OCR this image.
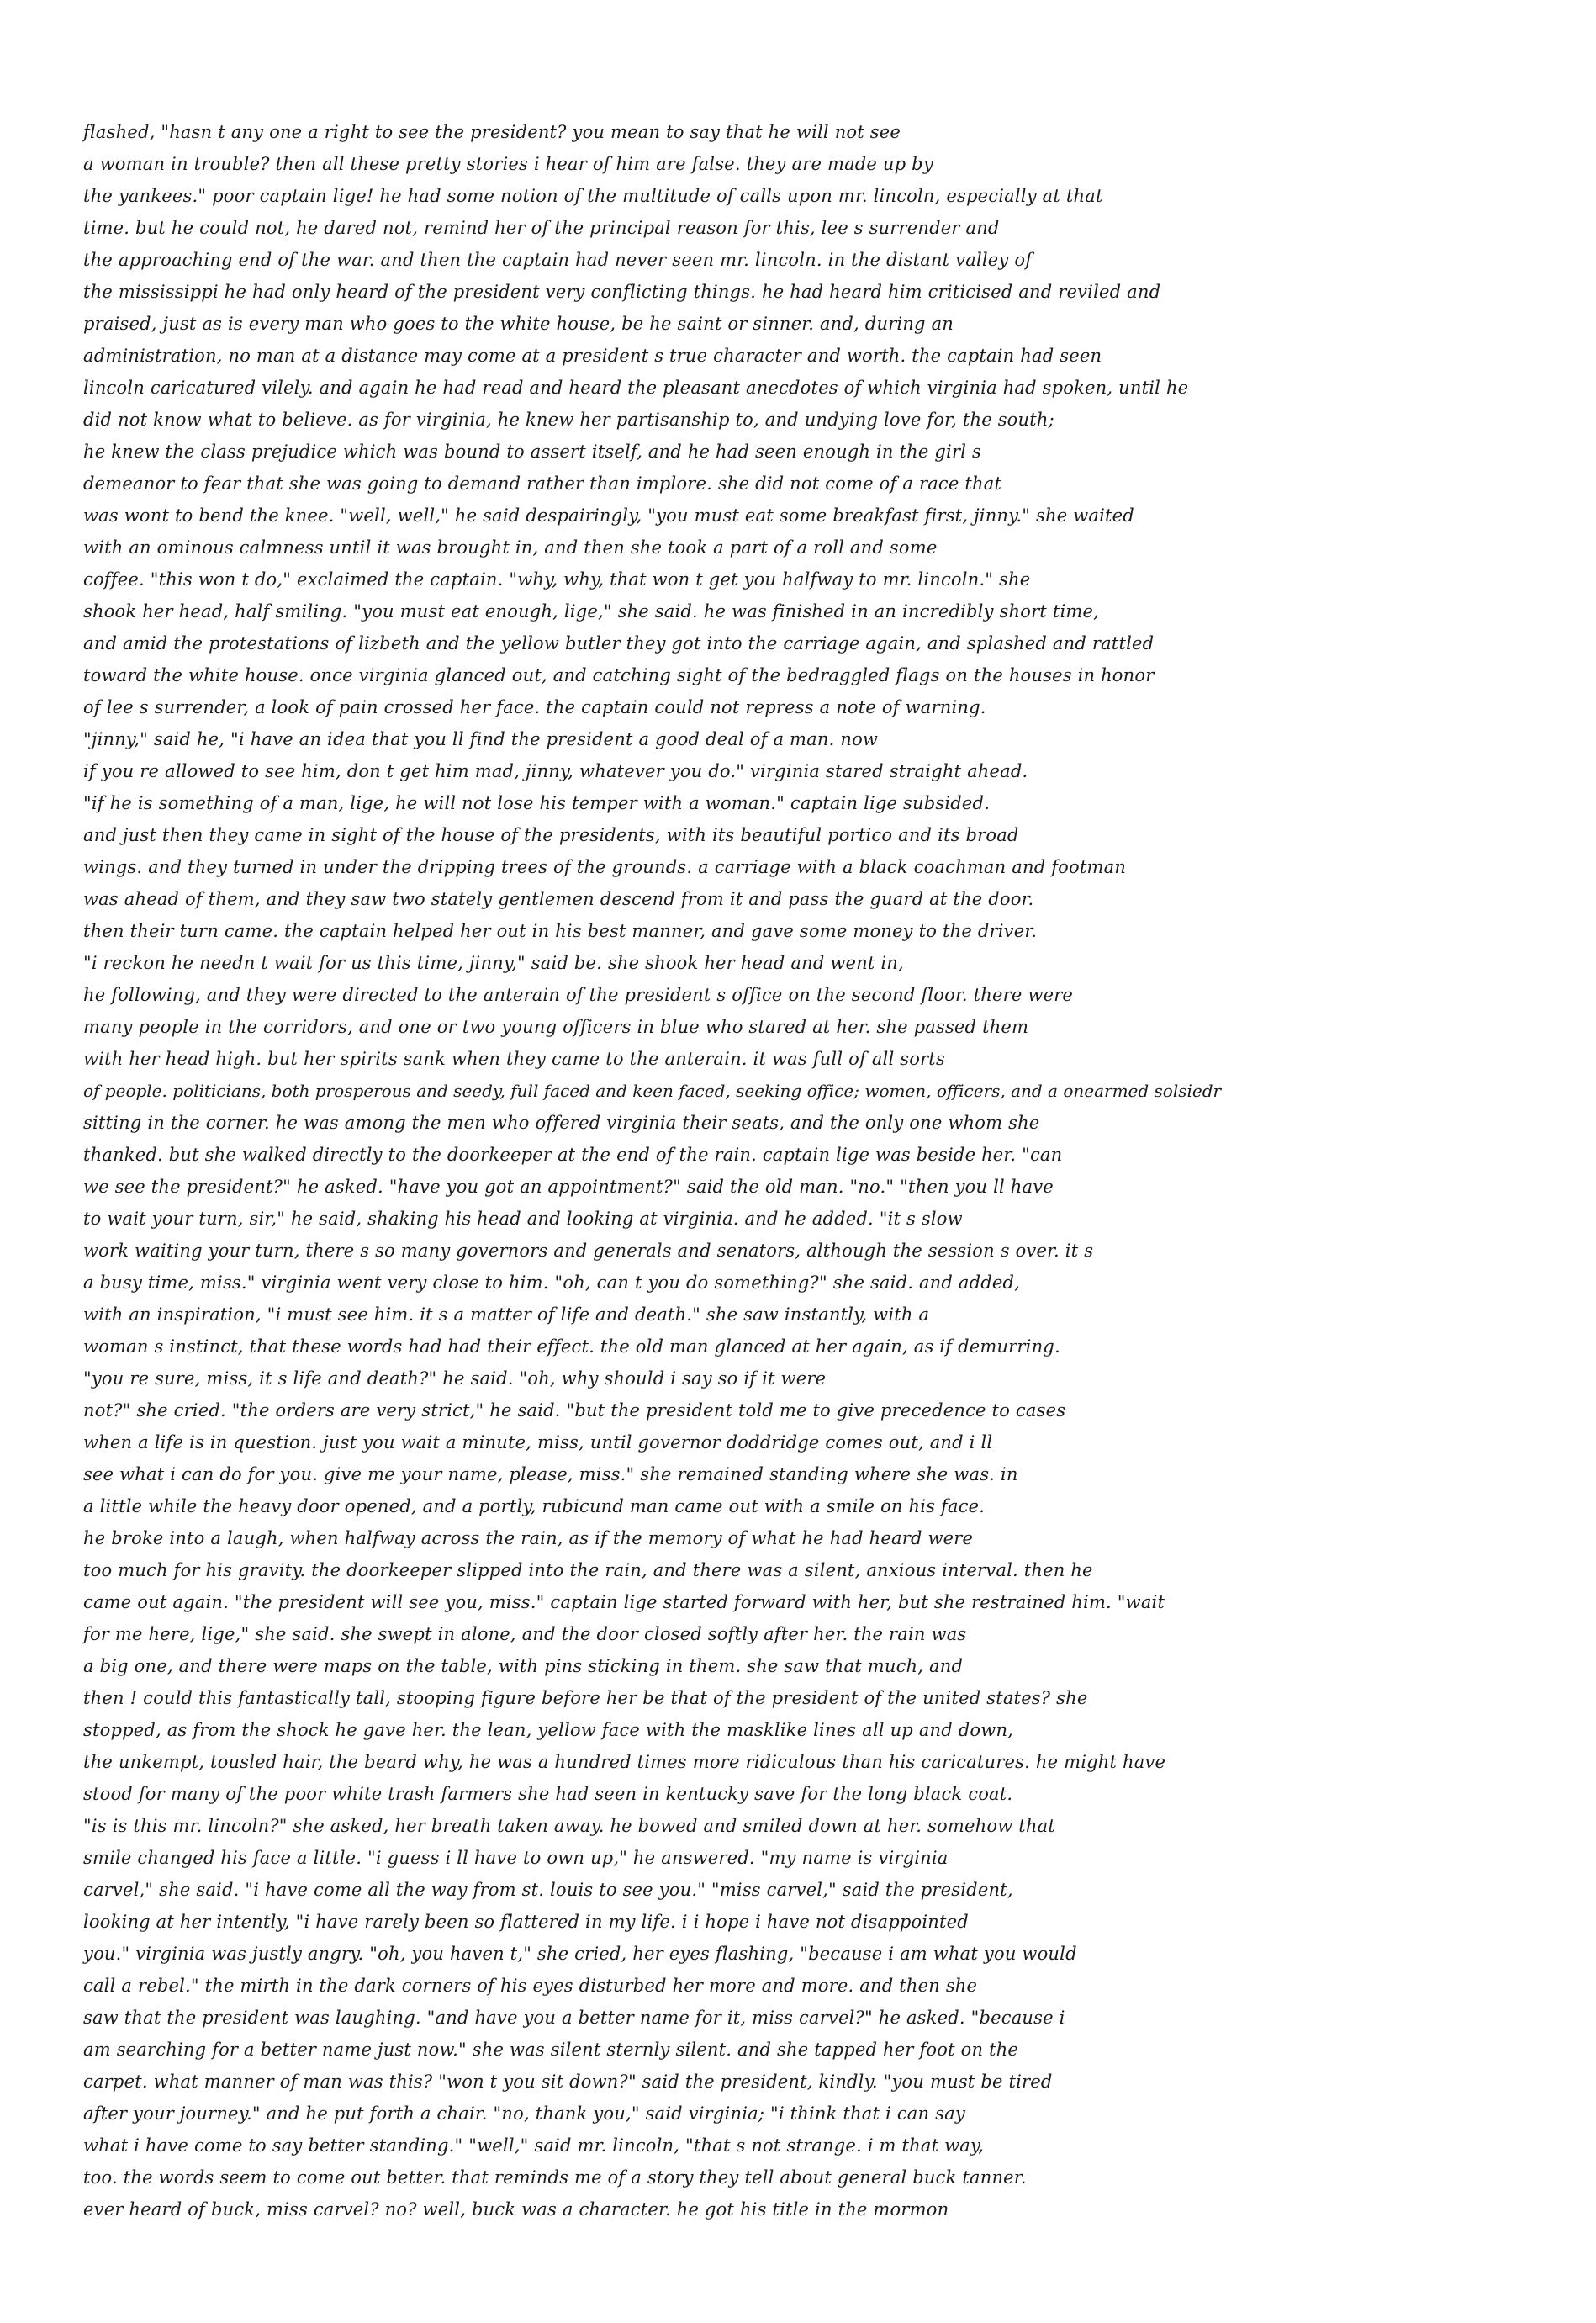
flashed, "hasn t any one a right to see the president? you mean to say that he will not see
a woman in trouble? then all these pretty stories i hear of him are false. they are made up by
the yankees." poor captain lige! he had some notion of the multitude of calls upon mr. lincoln, especially at that
time. but he could not, he dared not, remind her of the principal reason for this, lee s surrender and
the approaching end of the war. and then the captain had never seen mr. lincoln. in the distant valley of
the mississippi he had only heard of the president very conflicting things. he had heard him criticised and reviled and
praised, just as is every man who goes to the white house, be he saint or sinner. and, during an
administration, no man at a distance may come at a president s true character and worth. the captain had seen
lincoln caricatured vilely. and again he had read and heard the pleasant anecdotes of which virginia had spoken, until he
did not know what to believe. as for virginia, he knew her partisanship to, and undying love for, the south;
he knew the class prejudice which was bound to assert itself, and he had seen enough in the girl s
demeanor to fear that she was going to demand rather than implore. she did not come of a race that
was wont to bend the knee. "well, well," he said despairingly, "you must eat some breakfast first, jinny." she waited
with an ominous calmness until it was brought in, and then she took a part of a roll and some
coffee. "this won t do," exclaimed the captain. "why, why, that won t get you halfway to mr. lincoln." she
shook her head, half smiling. "you must eat enough, lige," she said. he was finished in an incredibly short time,
and amid the protestations of lizbeth and the yellow butler they got into the carriage again, and splashed and rattled
toward the white house. once virginia glanced out, and catching sight of the bedraggled flags on the houses in honor
of lee s surrender, a look of pain crossed her face. the captain could not repress a note of warning.
"jinny," said he, "i have an idea that you ll find the president a good deal of a man. now
if you re allowed to see him, don t get him mad, jinny, whatever you do." virginia stared straight ahead.
"if he is something of a man, lige, he will not lose his temper with a woman." captain lige subsided.
and just then they came in sight of the house of the presidents, with its beautiful portico and its broad
wings. and they turned in under the dripping trees of the grounds. a carriage with a black coachman and footman
was ahead of them, and they saw two stately gentlemen descend from it and pass the guard at the door.
then their turn came. the captain helped her out in his best manner, and gave some money to the driver.
"i reckon he needn t wait for us this time, jinny," said be. she shook her head and went in,
he following, and they were directed to the anterain of the president s office on the second floor. there were
many people in the corridors, and one or two young officers in blue who stared at her. she passed them
with her head high. but her spirits sank when they came to the anterain. it was full of all sorts
of people. politicians, both prosperous and seedy, full faced and keen faced, seeking office; women, officers, and a onearmed solsiedr
sitting in the corner. he was among the men who offered virginia their seats, and the only one whom she
thanked. but she walked directly to the doorkeeper at the end of the rain. captain lige was beside her. "can
we see the president?" he asked. "have you got an appointment?" said the old man. "no." "then you ll have
to wait your turn, sir," he said, shaking his head and looking at virginia. and he added. "it s slow
work waiting your turn, there s so many governors and generals and senators, although the session s over. it s
a busy time, miss." virginia went very close to him. "oh, can t you do something?" she said. and added,
with an inspiration, "i must see him. it s a matter of life and death." she saw instantly, with a
woman s instinct, that these words had had their effect. the old man glanced at her again, as if demurring.
"you re sure, miss, it s life and death?" he said. "oh, why should i say so if it were
not?" she cried. "the orders are very strict," he said. "but the president told me to give precedence to cases
when a life is in question. just you wait a minute, miss, until governor doddridge comes out, and i ll
see what i can do for you. give me your name, please, miss." she remained standing where she was. in
a little while the heavy door opened, and a portly, rubicund man came out with a smile on his face.
he broke into a laugh, when halfway across the rain, as if the memory of what he had heard were
too much for his gravity. the doorkeeper slipped into the rain, and there was a silent, anxious interval. then he
came out again. "the president will see you, miss." captain lige started forward with her, but she restrained him. "wait
for me here, lige," she said. she swept in alone, and the door closed softly after her. the rain was
a big one, and there were maps on the table, with pins sticking in them. she saw that much, and
then ! could this fantastically tall, stooping figure before her be that of the president of the united states? she
stopped, as from the shock he gave her. the lean, yellow face with the masklike lines all up and down,
the unkempt, tousled hair, the beard why, he was a hundred times more ridiculous than his caricatures. he might have
stood for many of the poor white trash farmers she had seen in kentucky save for the long black coat.
"is is this mr. lincoln?" she asked, her breath taken away. he bowed and smiled down at her. somehow that
smile changed his face a little. "i guess i ll have to own up," he answered. "my name is virginia
carvel," she said. "i have come all the way from st. louis to see you." "miss carvel," said the president,
looking at her intently, "i have rarely been so flattered in my life. i i hope i have not disappointed
you." virginia was justly angry. "oh, you haven t," she cried, her eyes flashing, "because i am what you would
call a rebel." the mirth in the dark corners of his eyes disturbed her more and more. and then she
saw that the president was laughing. "and have you a better name for it, miss carvel?" he asked. "because i
am searching for a better name just now." she was silent sternly silent. and she tapped her foot on the
carpet. what manner of man was this? "won t you sit down?" said the president, kindly. "you must be tired
after your journey." and he put forth a chair. "no, thank you," said virginia; "i think that i can say
what i have come to say better standing." "well," said mr. lincoln, "that s not strange. i m that way,
too. the words seem to come out better. that reminds me of a story they tell about general buck tanner.
ever heard of buck, miss carvel? no? well, buck was a character. he got his title in the mormon
